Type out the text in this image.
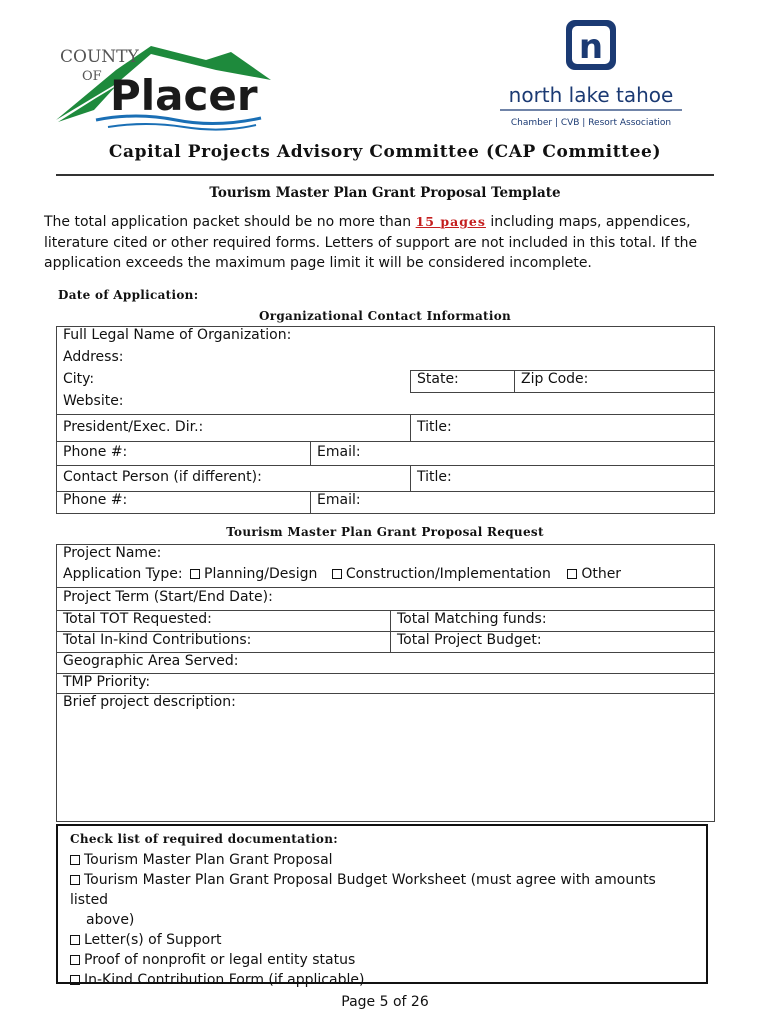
COUNTY
OF Placer
n
north lake tahoe
Chamber | CVB | Resort Association
Capital Projects Advisory Committee (CAP Committee)
Tourism Master Plan Grant Proposal Template
The total application packet should be no more than 15 pages including maps, appendices, literature cited or other required forms. Letters of support are not included in this total. If the application exceeds the maximum page limit it will be considered incomplete.
Date of Application:
Organizational Contact Information
Full Legal Name of Organization:			
Address:			
City:		State:	Zip Code:
Website:			
President/Exec. Dir.:		Title:	
Phone #:	Email:		
Contact Person (if different):		Title:	
Phone #:	Email:		
Tourism Master Plan Grant Proposal Request
Project Name:	
Application Type: Planning/Design Construction/Implementation Other	
Project Term (Start/End Date):	
Total TOT Requested:	Total Matching funds:
Total In-kind Contributions:	Total Project Budget:
Geographic Area Served:	
TMP Priority:	
Brief project description:	
Check list of required documentation:
Tourism Master Plan Grant Proposal
Tourism Master Plan Grant Proposal Budget Worksheet (must agree with amounts listed
above)
Letter(s) of Support
Proof of nonprofit or legal entity status
In-Kind Contribution Form (if applicable)
Page 5 of 26
